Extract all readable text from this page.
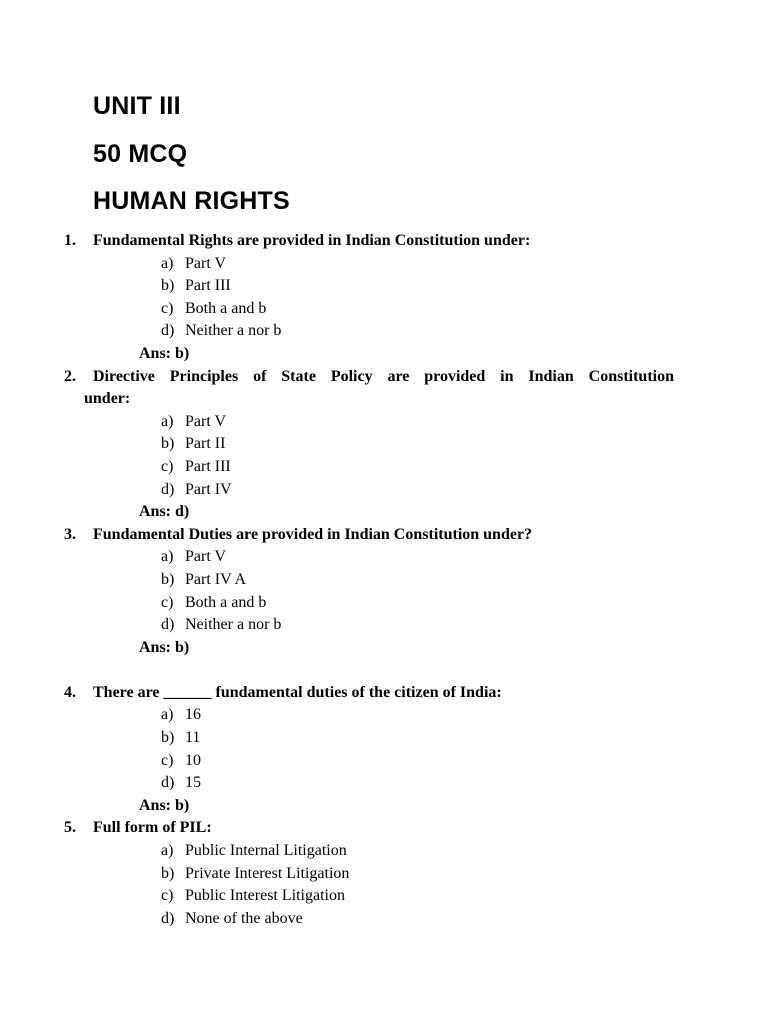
UNIT III
50 MCQ
HUMAN RIGHTS
1. Fundamental Rights are provided in Indian Constitution under:
a) Part V
b) Part III
c) Both a and b
d) Neither a nor b
Ans: b)
2. Directive Principles of State Policy are provided in Indian Constitution
under:
a) Part V
b) Part II
c) Part III
d) Part IV
Ans: d)
3. Fundamental Duties are provided in Indian Constitution under?
a) Part V
b) Part IV A
c) Both a and b
d) Neither a nor b
Ans: b)
4. There are ______ fundamental duties of the citizen of India:
a) 16
b) 11
c) 10
d) 15
Ans: b)
5. Full form of PIL:
a) Public Internal Litigation
b) Private Interest Litigation
c) Public Interest Litigation
d) None of the above
